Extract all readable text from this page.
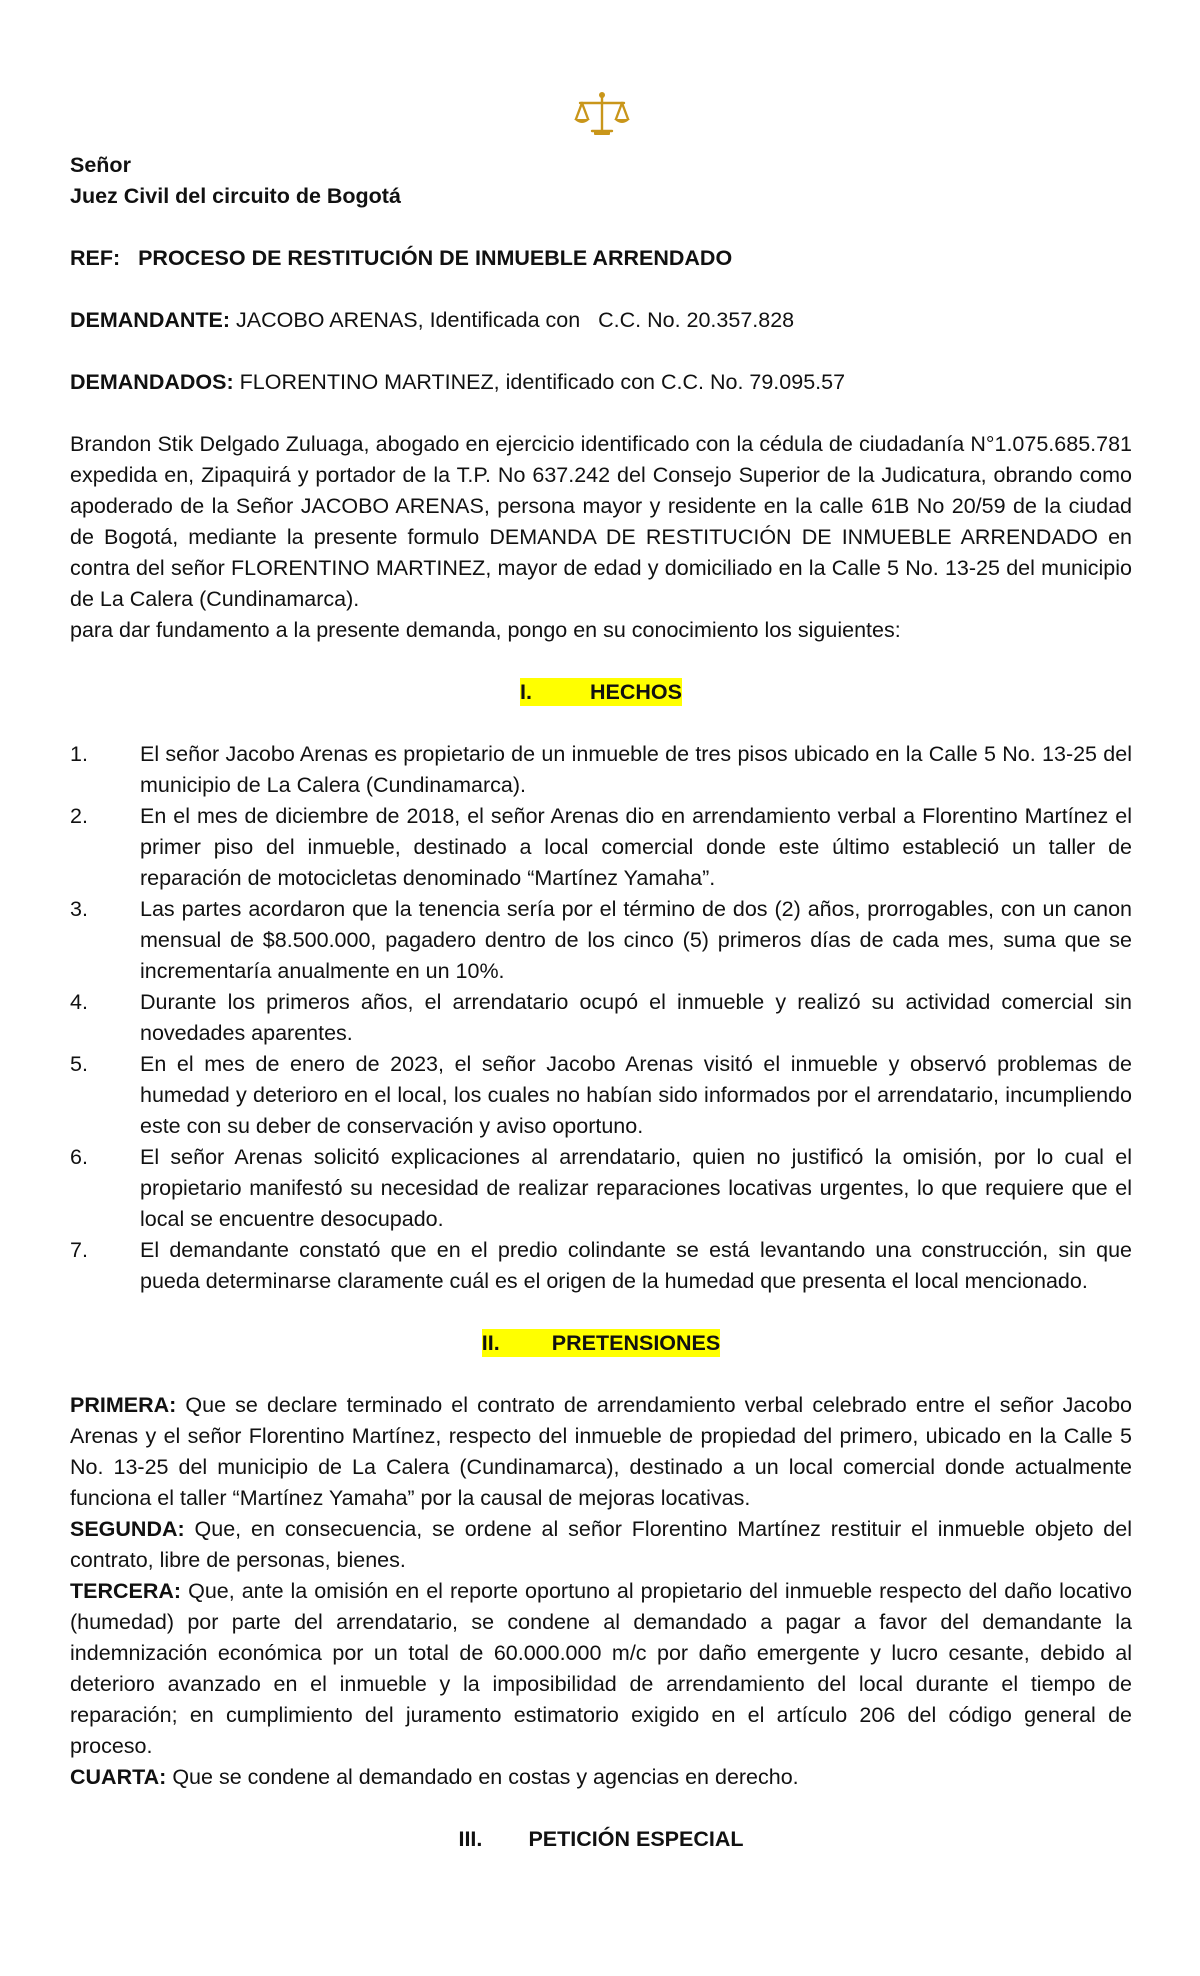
Señor

Juez Civil del circuito de Bogotá

REF: PROCESO DE RESTITUCIÓN DE INMUEBLE ARRENDADO

DEMANDANTE: JACOBO ARENAS, Identificada con   C.C. No. 20.357.828

DEMANDADOS: FLORENTINO MARTINEZ, identificado con C.C. No. 79.095.57

Brandon Stik Delgado Zuluaga, abogado en ejercicio identificado con la cédula de ciudadanía N°1.075.685.781 expedida en, Zipaquirá y portador de la T.P. No 637.242 del Consejo Superior de la Judicatura, obrando como apoderado de la Señor JACOBO ARENAS, persona mayor y residente en la calle 61B No 20/59 de la ciudad de Bogotá, mediante la presente formulo DEMANDA DE RESTITUCIÓN DE INMUEBLE ARRENDADO en contra del señor FLORENTINO MARTINEZ, mayor de edad y domiciliado en la Calle 5 No. 13-25 del municipio de La Calera (Cundinamarca).

para dar fundamento a la presente demanda, pongo en su conocimiento los siguientes:

I.	HECHOS
1. El señor Jacobo Arenas es propietario de un inmueble de tres pisos ubicado en la Calle 5 No. 13-25 del municipio de La Calera (Cundinamarca).
2. En el mes de diciembre de 2018, el señor Arenas dio en arrendamiento verbal a Florentino Martínez el primer piso del inmueble, destinado a local comercial donde este último estableció un taller de reparación de motocicletas denominado “Martínez Yamaha”.
3. Las partes acordaron que la tenencia sería por el término de dos (2) años, prorrogables, con un canon mensual de $8.500.000, pagadero dentro de los cinco (5) primeros días de cada mes, suma que se incrementaría anualmente en un 10%.
4. Durante los primeros años, el arrendatario ocupó el inmueble y realizó su actividad comercial sin novedades aparentes.
5. En el mes de enero de 2023, el señor Jacobo Arenas visitó el inmueble y observó problemas de humedad y deterioro en el local, los cuales no habían sido informados por el arrendatario, incumpliendo este con su deber de conservación y aviso oportuno.
6. El señor Arenas solicitó explicaciones al arrendatario, quien no justificó la omisión, por lo cual el propietario manifestó su necesidad de realizar reparaciones locativas urgentes, lo que requiere que el local se encuentre desocupado.
7. El demandante constató que en el predio colindante se está levantando una construcción, sin que pueda determinarse claramente cuál es el origen de la humedad que presenta el local mencionado.
II. PRETENSIONES

PRIMERA: Que se declare terminado el contrato de arrendamiento verbal celebrado entre el señor Jacobo Arenas y el señor Florentino Martínez, respecto del inmueble de propiedad del primero, ubicado en la Calle 5 No. 13-25 del municipio de La Calera (Cundinamarca), destinado a un local comercial donde actualmente funciona el taller “Martínez Yamaha” por la causal de mejoras locativas.

SEGUNDA: Que, en consecuencia, se ordene al señor Florentino Martínez restituir el inmueble objeto del contrato, libre de personas, bienes.

TERCERA: Que, ante la omisión en el reporte oportuno al propietario del inmueble respecto del daño locativo (humedad) por parte del arrendatario, se condene al demandado a pagar a favor del demandante la indemnización económica por un total de 60.000.000 m/c por daño emergente y lucro cesante, debido al deterioro avanzado en el inmueble y la imposibilidad de arrendamiento del local durante el tiempo de reparación; en cumplimiento del juramento estimatorio exigido en el artículo 206 del código general de proceso.

CUARTA: Que se condene al demandado en costas y agencias en derecho.

III. PETICIÓN ESPECIAL
